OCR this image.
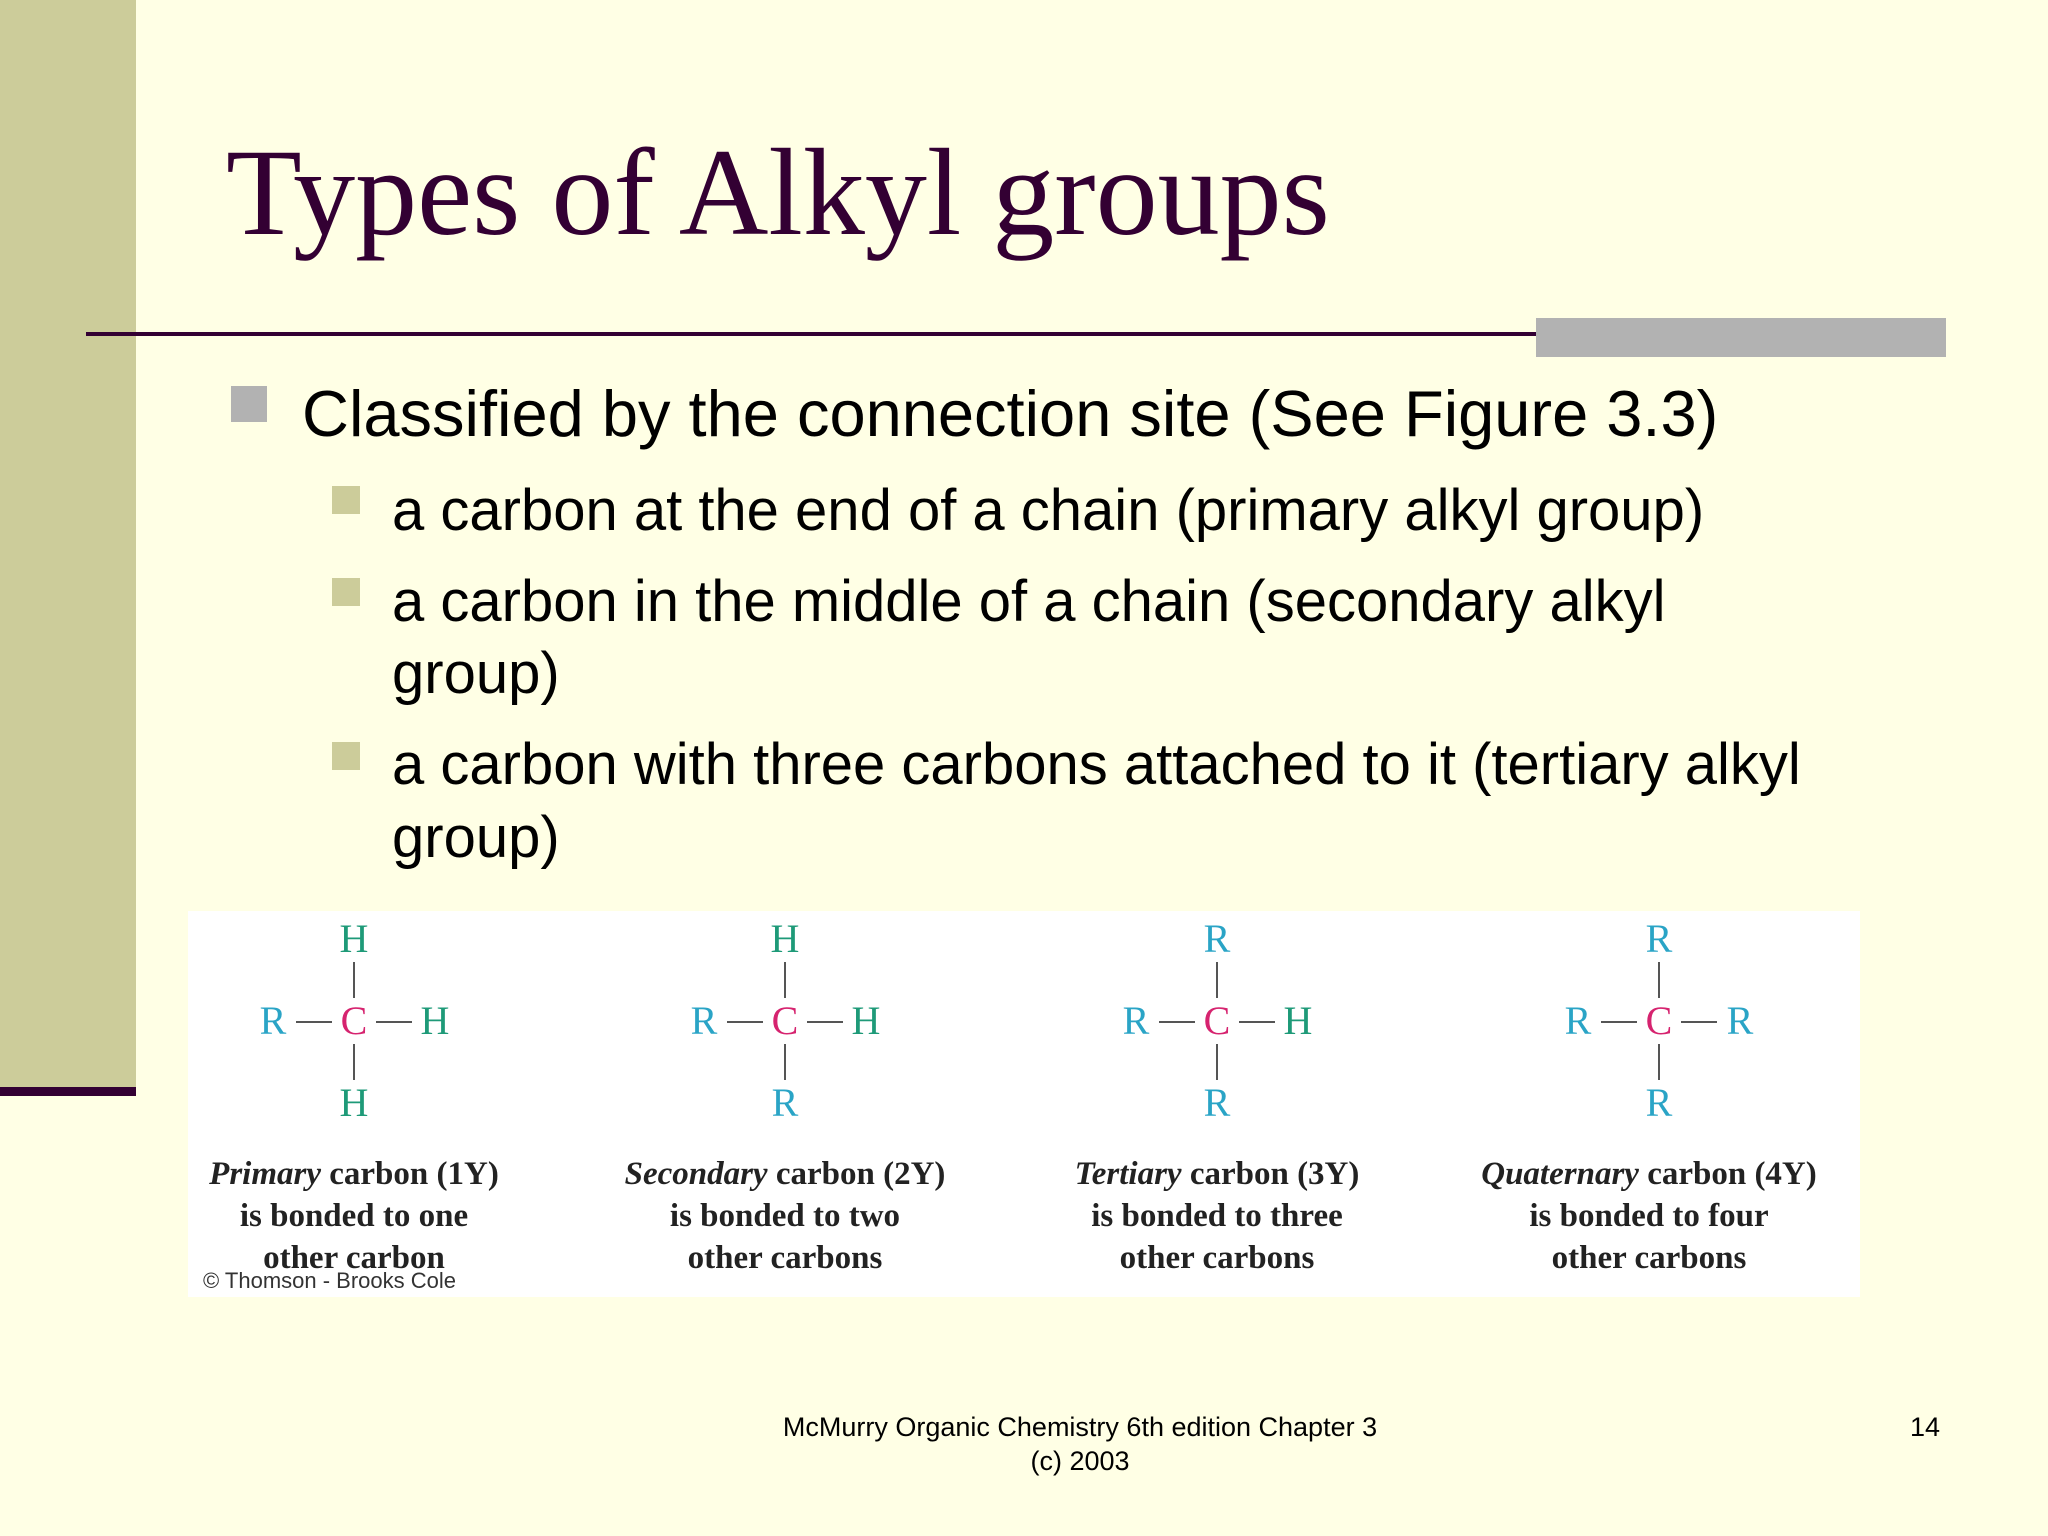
Types of Alkyl groups
Classified by the connection site (See Figure 3.3)
a carbon at the end of a chain (primary alkyl group)
a carbon in the middle of a chain (secondary alkyl
group)
a carbon with three carbons attached to it (tertiary alkyl
group)
H
R C H
H
Primary carbon (1Y)
is bonded to one
other carbon
H
R C H
R
Secondary carbon (2Y)
is bonded to two
other carbons
R
R C H
R
Tertiary carbon (3Y)
is bonded to three
other carbons
R
R C R
R
Quaternary carbon (4Y)
is bonded to four
other carbons
© Thomson - Brooks Cole
McMurry Organic Chemistry 6th edition Chapter 3
(c) 2003
14
